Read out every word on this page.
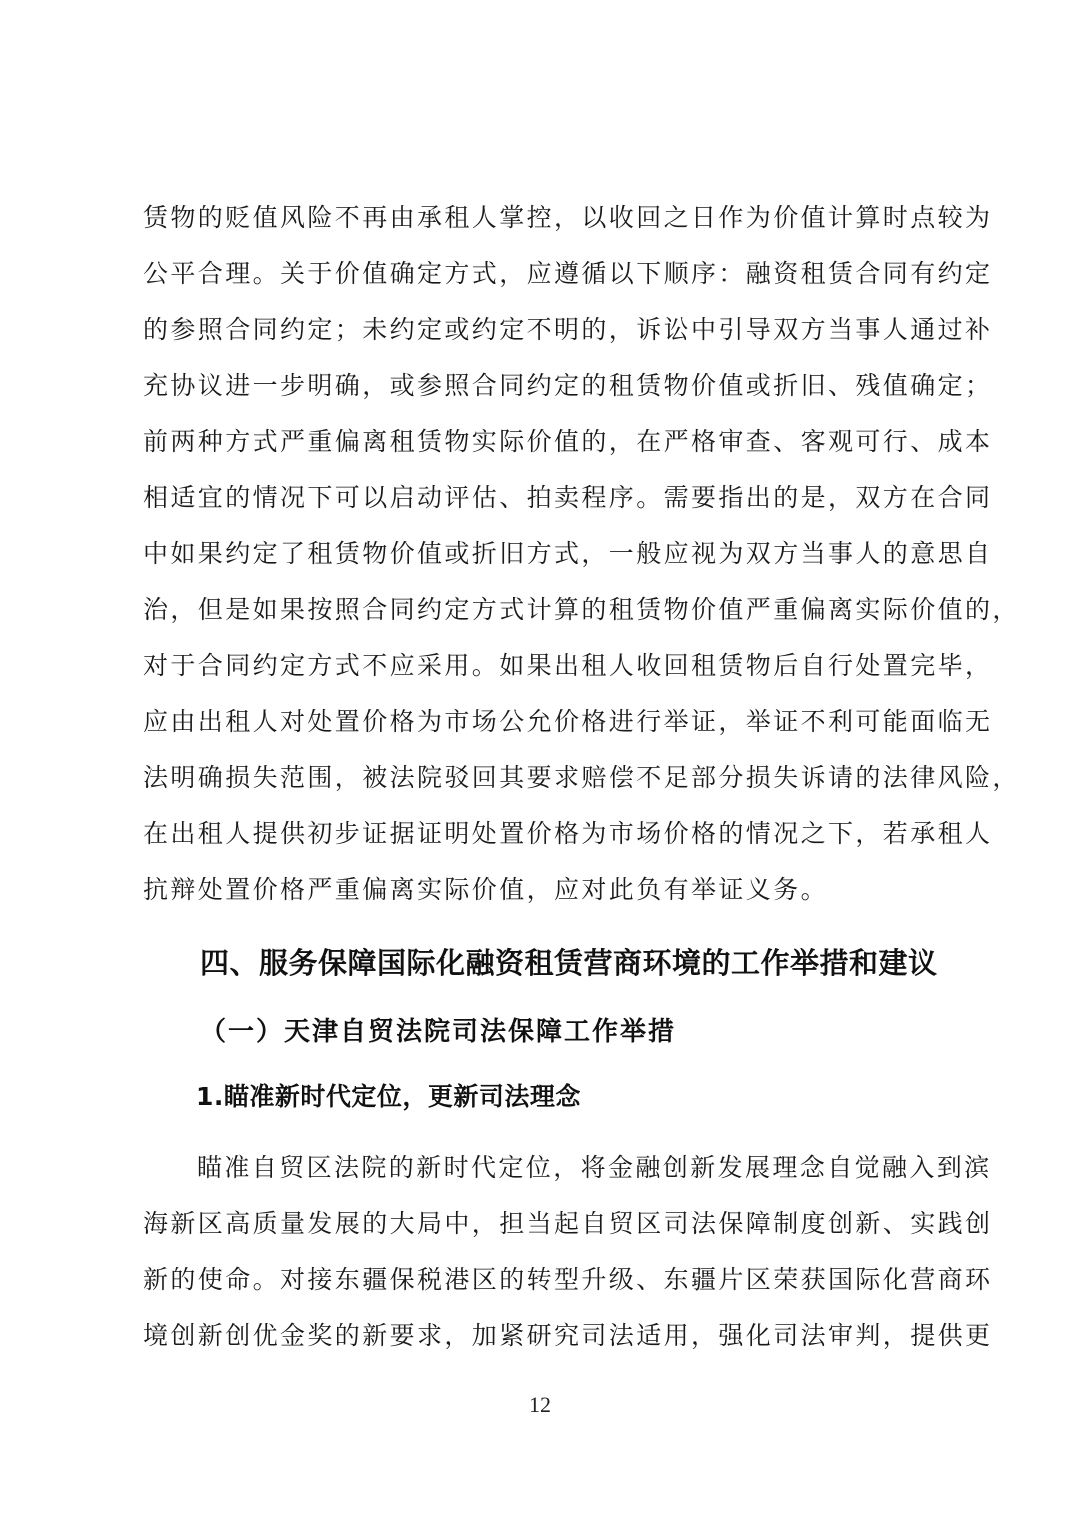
赁物的贬值风险不再由承租人掌控，以收回之日作为价值计算时点较为
公平合理。关于价值确定方式，应遵循以下顺序：融资租赁合同有约定
的参照合同约定；未约定或约定不明的，诉讼中引导双方当事人通过补
充协议进一步明确，或参照合同约定的租赁物价值或折旧、残值确定；
前两种方式严重偏离租赁物实际价值的，在严格审查、客观可行、成本
相适宜的情况下可以启动评估、拍卖程序。需要指出的是，双方在合同
中如果约定了租赁物价值或折旧方式，一般应视为双方当事人的意思自
治，但是如果按照合同约定方式计算的租赁物价值严重偏离实际价值的，
对于合同约定方式不应采用。如果出租人收回租赁物后自行处置完毕，
应由出租人对处置价格为市场公允价格进行举证，举证不利可能面临无
法明确损失范围，被法院驳回其要求赔偿不足部分损失诉请的法律风险，
在出租人提供初步证据证明处置价格为市场价格的情况之下，若承租人
抗辩处置价格严重偏离实际价值，应对此负有举证义务。
四、服务保障国际化融资租赁营商环境的工作举措和建议
（一）天津自贸法院司法保障工作举措
1.瞄准新时代定位，更新司法理念
瞄准自贸区法院的新时代定位，将金融创新发展理念自觉融入到滨
海新区高质量发展的大局中，担当起自贸区司法保障制度创新、实践创
新的使命。对接东疆保税港区的转型升级、东疆片区荣获国际化营商环
境创新创优金奖的新要求，加紧研究司法适用，强化司法审判，提供更
12
